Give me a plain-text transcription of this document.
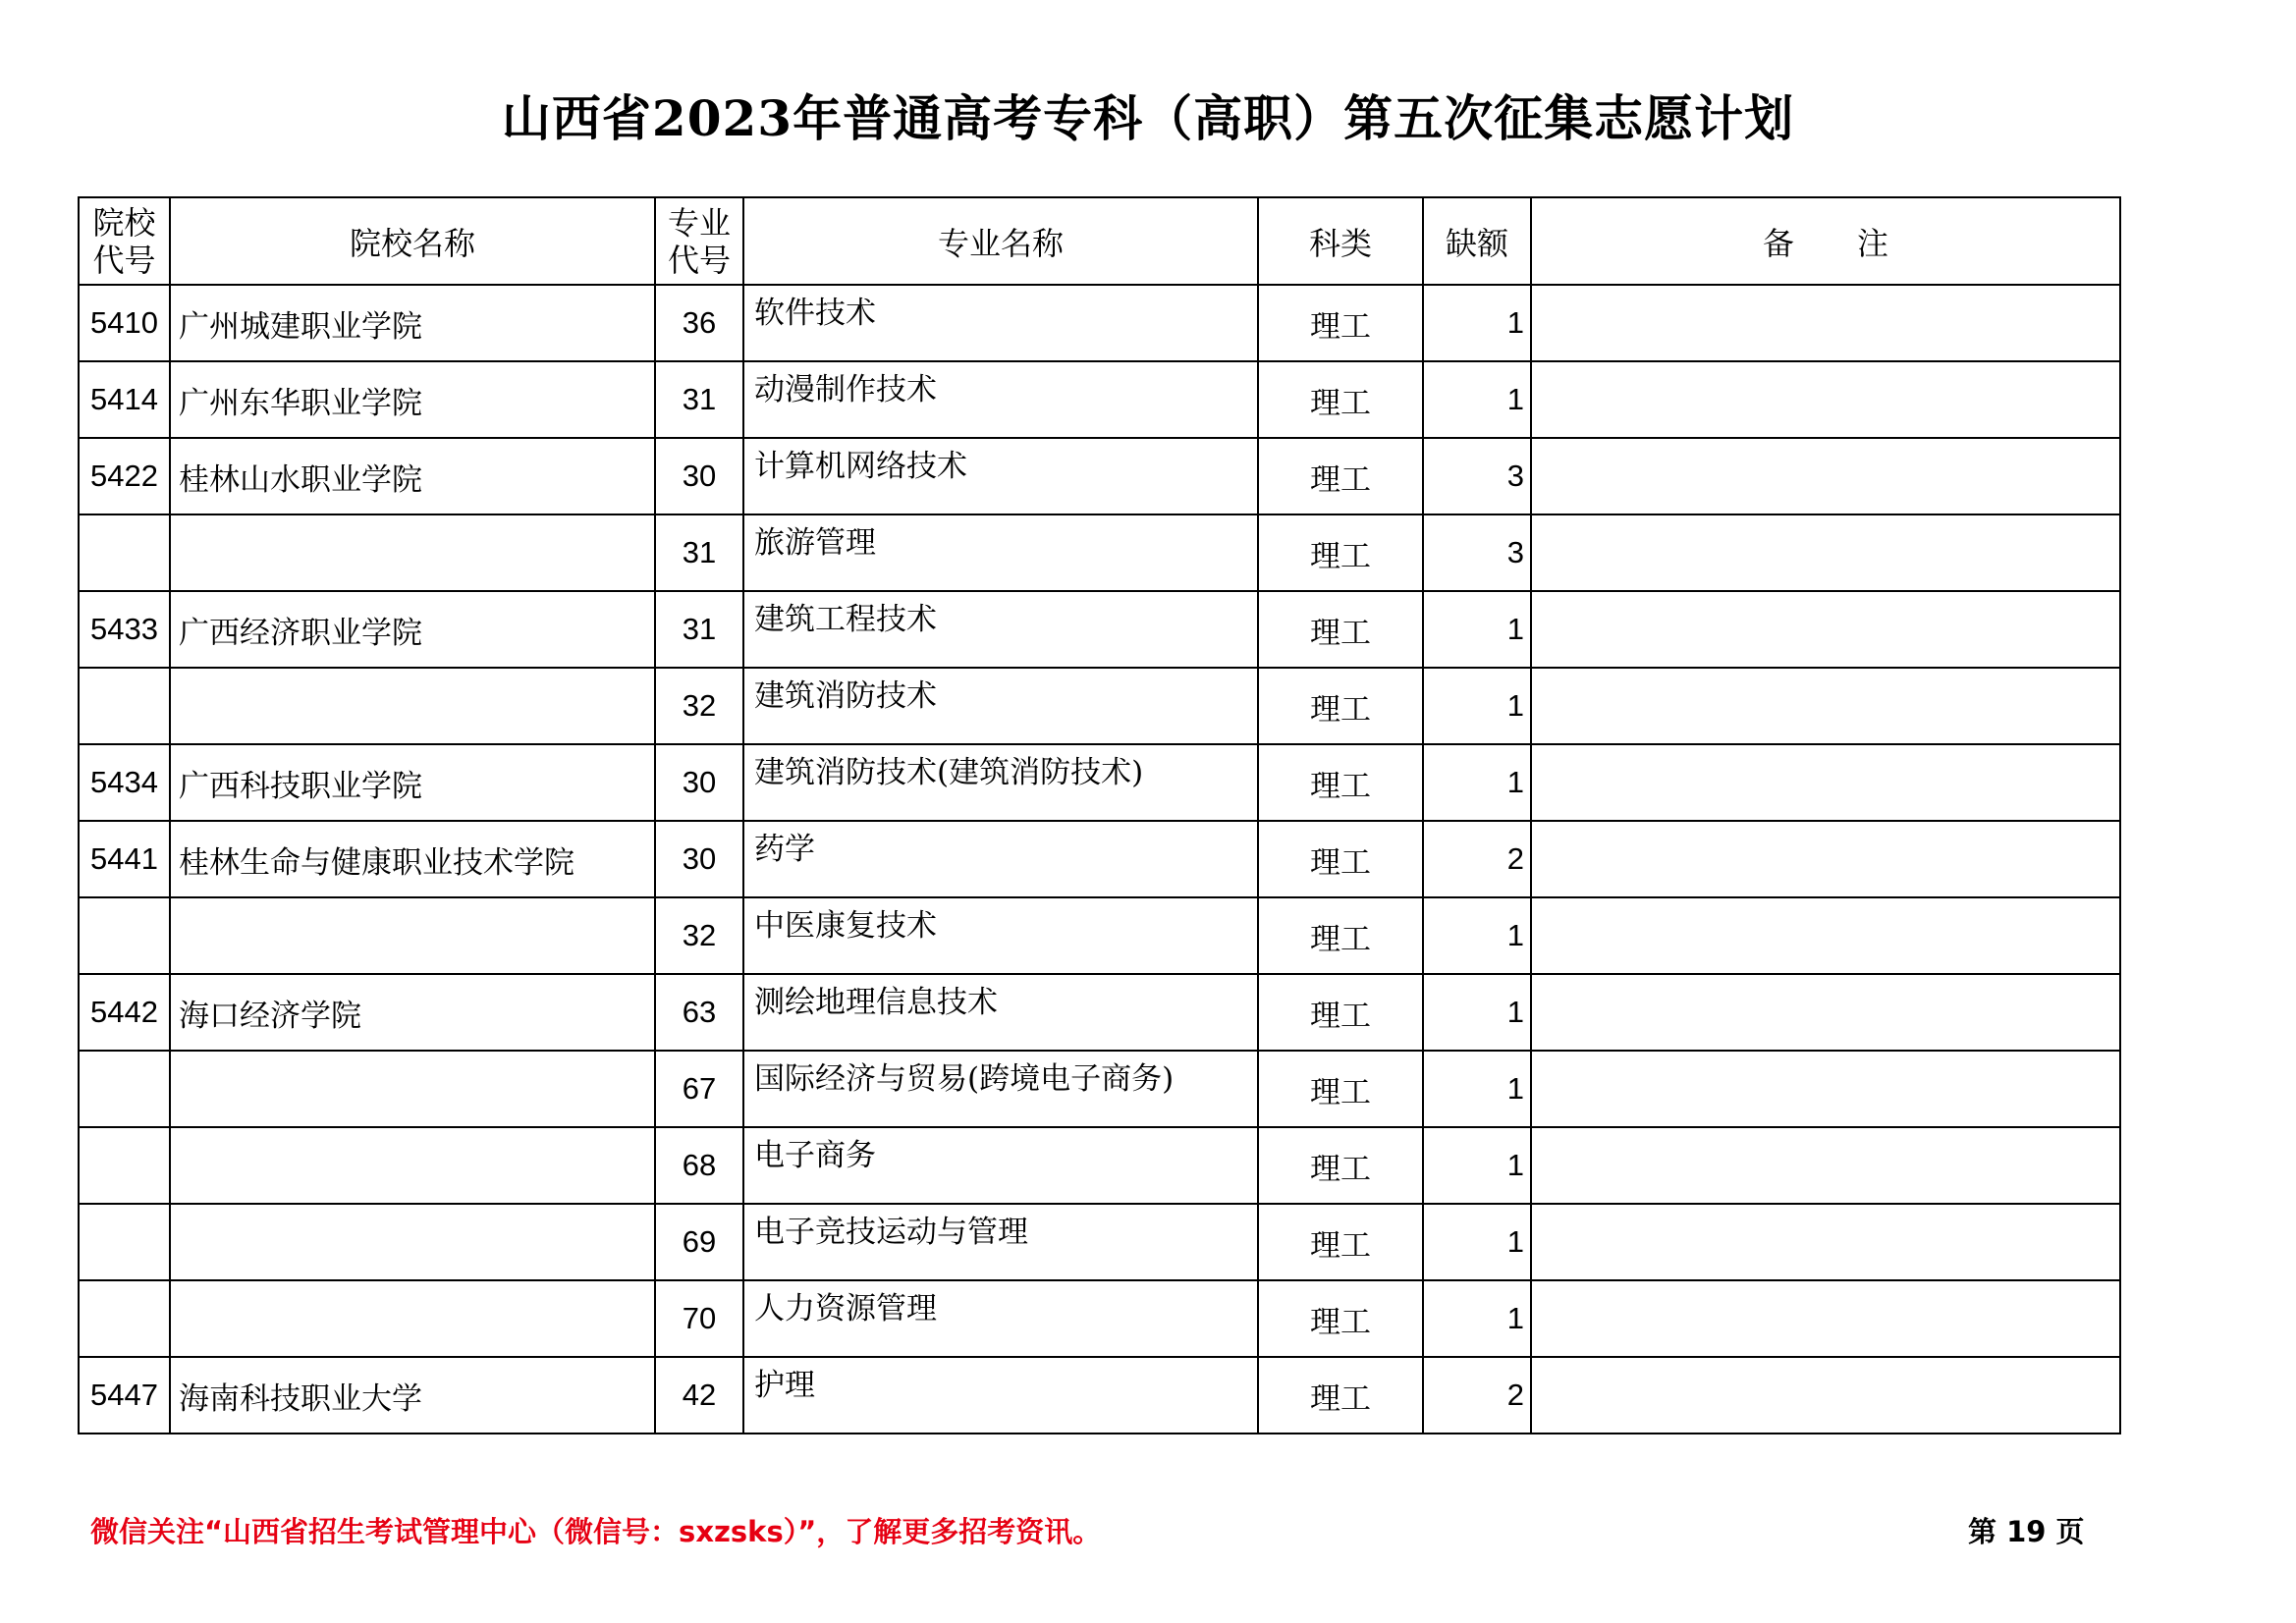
山西省2023年普通高考专科（高职）第五次征集志愿计划
院校代号	院校名称	专业代号	专业名称	科类	缺额	备　　注
5410	广州城建职业学院	36	软件技术	理工	1	
5414	广州东华职业学院	31	动漫制作技术	理工	1	
5422	桂林山水职业学院	30	计算机网络技术	理工	3	
		31	旅游管理	理工	3	
5433	广西经济职业学院	31	建筑工程技术	理工	1	
		32	建筑消防技术	理工	1	
5434	广西科技职业学院	30	建筑消防技术(建筑消防技术)	理工	1	
5441	桂林生命与健康职业技术学院	30	药学	理工	2	
		32	中医康复技术	理工	1	
5442	海口经济学院	63	测绘地理信息技术	理工	1	
		67	国际经济与贸易(跨境电子商务)	理工	1	
		68	电子商务	理工	1	
		69	电子竞技运动与管理	理工	1	
		70	人力资源管理	理工	1	
5447	海南科技职业大学	42	护理	理工	2	
微信关注“山西省招生考试管理中心（微信号：sxzsks）”，了解更多招考资讯。	第 19 页
